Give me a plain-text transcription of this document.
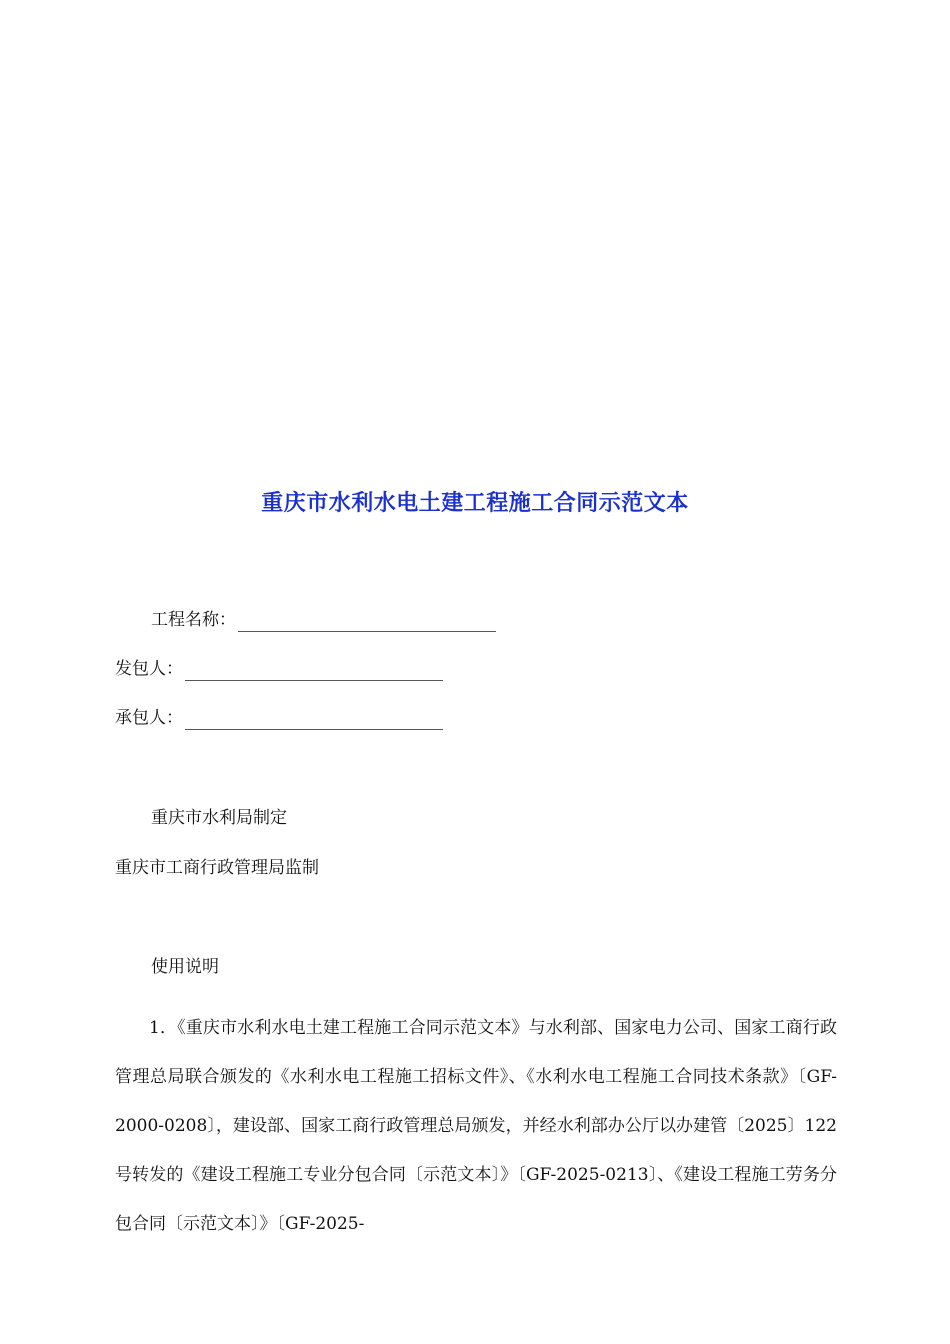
重庆市水利水电土建工程施工合同示范文本
工程名称：
发包人：
承包人：
重庆市水利局制定
重庆市工商行政管理局监制
使用说明

1．《重庆市水利水电土建工程施工合同示范文本》与水利部、国家电力公司、国家工商行政管理总局联合颁发的《水利水电工程施工招标文件》、《水利水电工程施工合同技术条款》〔GF-2000-0208〕，建设部、国家工商行政管理总局颁发，并经水利部办公厅以办建管〔2025〕122号转发的《建设工程施工专业分包合同〔示范文本〕》〔GF-2025-0213〕、《建设工程施工劳务分包合同〔示范文本〕》〔GF-2025-
